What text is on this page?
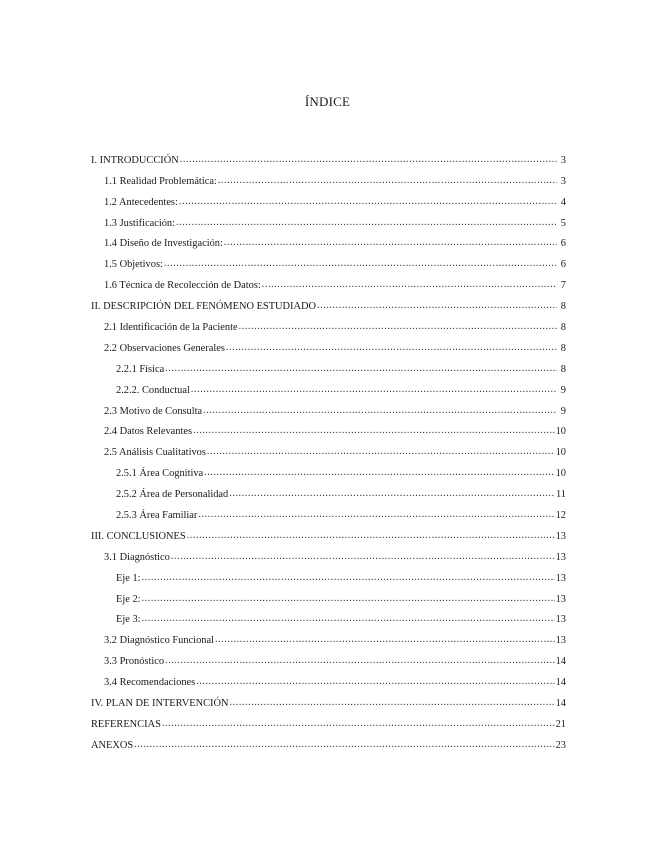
ÍNDICE
I. INTRODUCCIÓN .....	3
1.1 Realidad Problemática: .....	3
1.2 Antecedentes: .....	4
1.3 Justificación: .....	5
1.4 Diseño de Investigación: .....	6
1.5 Objetivos: .....	6
1.6 Técnica de Recolección de Datos: .....	7
II. DESCRIPCIÓN DEL FENÓMENO ESTUDIADO .....	8
2.1 Identificación de la Paciente .....	8
2.2 Observaciones Generales .....	8
2.2.1 Física .....	8
2.2.2. Conductual .....	9
2.3 Motivo de Consulta .....	9
2.4 Datos Relevantes .....	10
2.5 Análisis Cualitativos .....	10
2.5.1 Área Cognitiva .....	10
2.5.2 Área de Personalidad .....	11
2.5.3 Área Familiar .....	12
III. CONCLUSIONES .....	13
3.1 Diagnóstico .....	13
Eje 1: .....	13
Eje 2: .....	13
Eje 3: .....	13
3.2 Diagnóstico Funcional .....	13
3.3 Pronóstico .....	14
3.4 Recomendaciones .....	14
IV. PLAN DE INTERVENCIÓN .....	14
REFERENCIAS .....	21
ANEXOS .....	23
